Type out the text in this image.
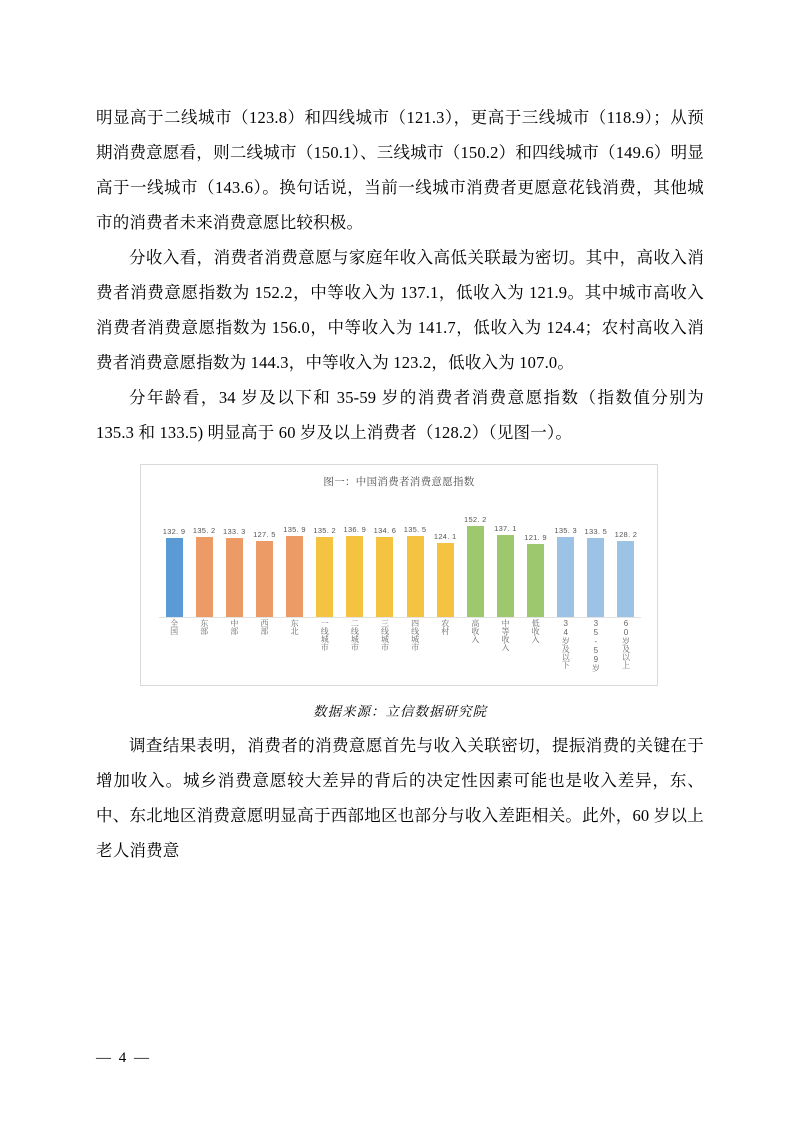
明显高于二线城市（123.8）和四线城市（121.3），更高于三线城市（118.9）；从预期消费意愿看，则二线城市（150.1）、三线城市（150.2）和四线城市（149.6）明显高于一线城市（143.6）。换句话说，当前一线城市消费者更愿意花钱消费，其他城市的消费者未来消费意愿比较积极。

分收入看，消费者消费意愿与家庭年收入高低关联最为密切。其中，高收入消费者消费意愿指数为 152.2，中等收入为 137.1，低收入为 121.9。其中城市高收入消费者消费意愿指数为 156.0，中等收入为 141.7，低收入为 124.4；农村高收入消费者消费意愿指数为 144.3，中等收入为 123.2，低收入为 107.0。

分年龄看，34 岁及以下和 35-59 岁的消费者消费意愿指数（指数值分别为 135.3 和 133.5) 明显高于 60 岁及以上消费者（128.2）（见图一）。

图一：中国消费者消费意愿指数
132. 9 135. 2 133. 3 127. 5
135. 9 135. 2 136. 9 134. 6 135. 5
124. 1
152. 2
137. 1
121. 9
135. 3 133. 5 128. 2
全国	东部	中部	西部	东北	一线城市	二线城市	三线城市	四线城市	农村	高收入	中等收入	低收入	34岁及以下	35-59岁	60岁及以上
数据来源：立信数据研究院

调查结果表明，消费者的消费意愿首先与收入关联密切，提振消费的关键在于增加收入。城乡消费意愿较大差异的背后的决定性因素可能也是收入差异，东、中、东北地区消费意愿明显高于西部地区也部分与收入差距相关。此外，60 岁以上老人消费意

— 4 —
